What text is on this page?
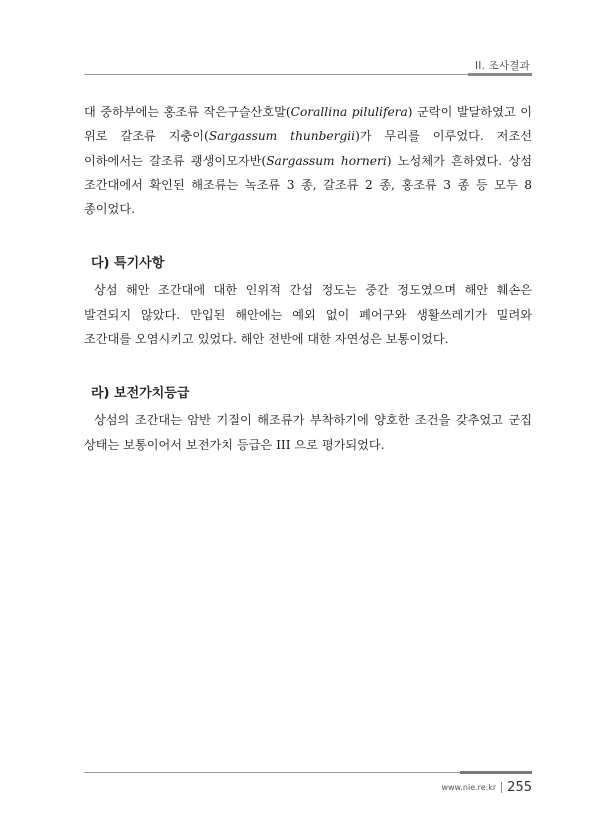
II. 조사결과

대 중하부에는 홍조류 작은구슬산호말(Corallina pilulifera) 군락이 발달하였고 이 위로 갈조류 지충이(Sargassum thunbergii)가 무리를 이루었다. 저조선 이하에서는 갈조류 괭생이모자반(Sargassum horneri) 노성체가 흔하였다. 상섬 조간대에서 확인된 해조류는 녹조류 3 종, 갈조류 2 종, 홍조류 3 종 등 모두 8 종이었다.

다) 특기사항

상섬 해안 조간대에 대한 인위적 간섭 정도는 중간 정도였으며 해안 훼손은 발견되지 않았다. 만입된 해안에는 예외 없이 폐어구와 생활쓰레기가 밀려와 조간대를 오염시키고 있었다. 해안 전반에 대한 자연성은 보통이었다.

라) 보전가치등급

상섬의 조간대는 암반 기질이 해조류가 부착하기에 양호한 조건을 갖추었고 군집 상태는 보통이어서 보전가치 등급은 III 으로 평가되었다.

www.nie.re.kr 255
